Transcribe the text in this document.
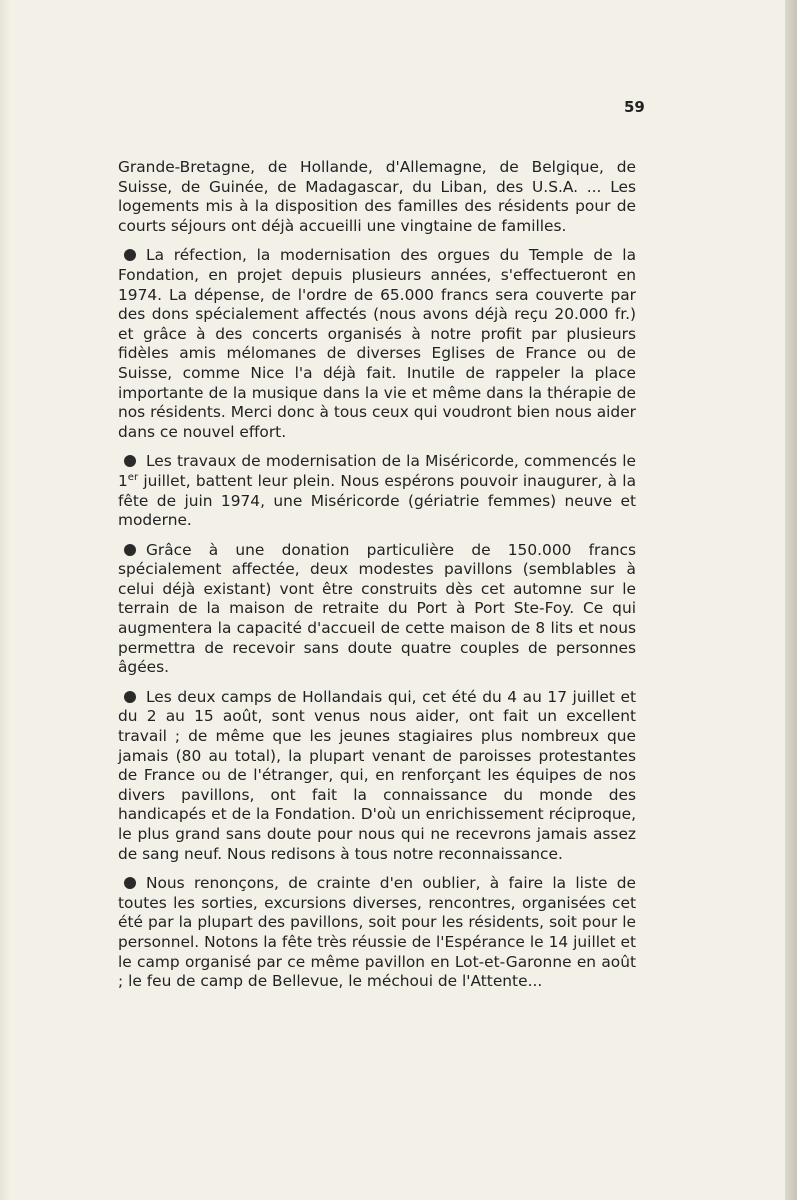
59

Grande-Bretagne, de Hollande, d'Allemagne, de Belgique, de Suisse, de Guinée, de Madagascar, du Liban, des U.S.A. ... Les logements mis à la disposition des familles des résidents pour de courts séjours ont déjà accueilli une vingtaine de familles.

La réfection, la modernisation des orgues du Temple de la Fondation, en projet depuis plusieurs années, s'effectueront en 1974. La dépense, de l'ordre de 65.000 francs sera couverte par des dons spécialement affectés (nous avons déjà reçu 20.000 fr.) et grâce à des concerts organisés à notre profit par plusieurs fidèles amis mélomanes de diverses Eglises de France ou de Suisse, comme Nice l'a déjà fait. Inutile de rappeler la place importante de la musique dans la vie et même dans la thérapie de nos résidents. Merci donc à tous ceux qui voudront bien nous aider dans ce nouvel effort.

Les travaux de modernisation de la Miséricorde, commencés le 1er juillet, battent leur plein. Nous espérons pouvoir inaugurer, à la fête de juin 1974, une Miséricorde (gériatrie femmes) neuve et moderne.

Grâce à une donation particulière de 150.000 francs spécialement affectée, deux modestes pavillons (semblables à celui déjà existant) vont être construits dès cet automne sur le terrain de la maison de retraite du Port à Port Ste-Foy. Ce qui augmentera la capacité d'accueil de cette maison de 8 lits et nous permettra de recevoir sans doute quatre couples de personnes âgées.

Les deux camps de Hollandais qui, cet été du 4 au 17 juillet et du 2 au 15 août, sont venus nous aider, ont fait un excellent travail ; de même que les jeunes stagiaires plus nombreux que jamais (80 au total), la plupart venant de paroisses protestantes de France ou de l'étranger, qui, en renforçant les équipes de nos divers pavillons, ont fait la connaissance du monde des handicapés et de la Fondation. D'où un enrichissement réciproque, le plus grand sans doute pour nous qui ne recevrons jamais assez de sang neuf. Nous redisons à tous notre reconnaissance.

Nous renonçons, de crainte d'en oublier, à faire la liste de toutes les sorties, excursions diverses, rencontres, organisées cet été par la plupart des pavillons, soit pour les résidents, soit pour le personnel. Notons la fête très réussie de l'Espérance le 14 juillet et le camp organisé par ce même pavillon en Lot-et-Garonne en août ; le feu de camp de Bellevue, le méchoui de l'Attente...
